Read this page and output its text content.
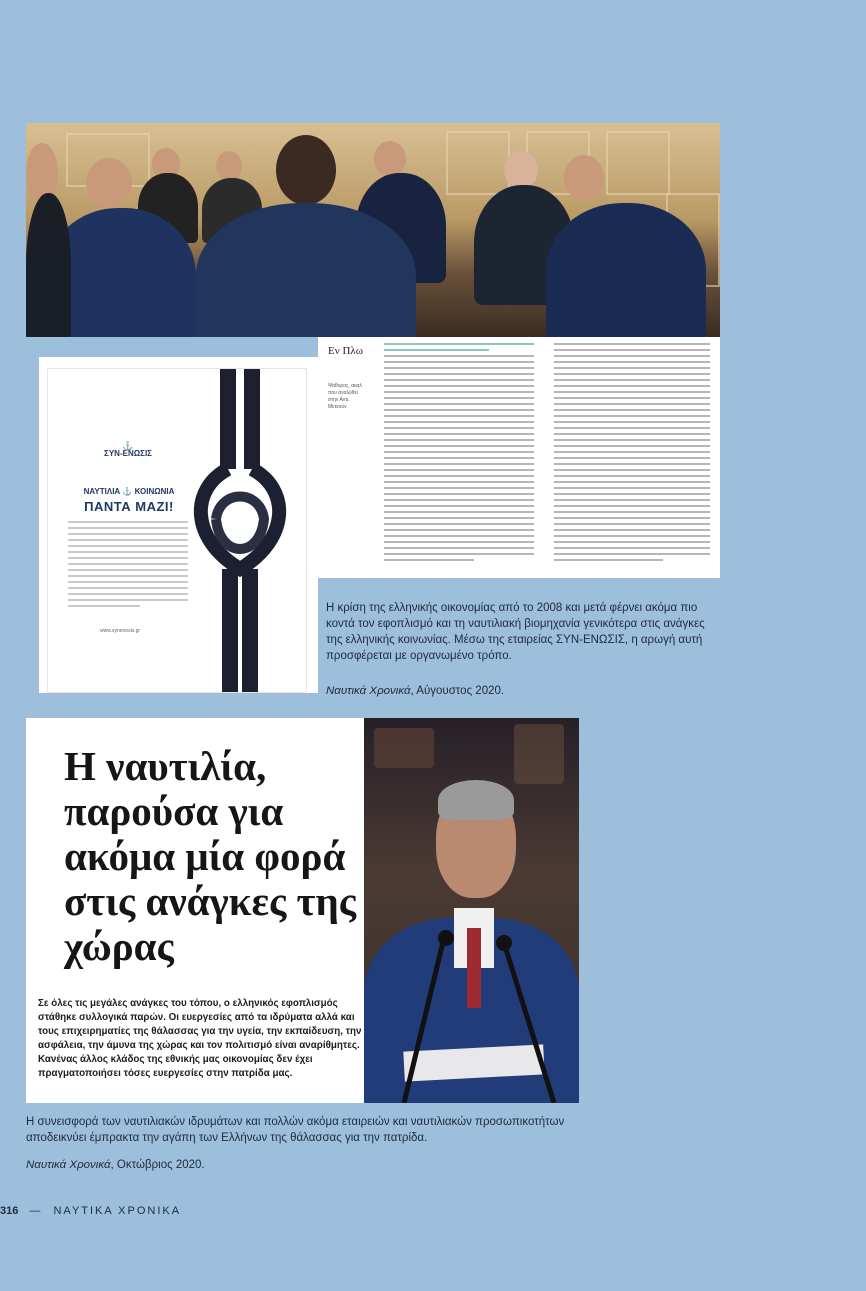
Εν Πλω
Ψάθυρος, ακαλ που αναλύθει στην Αντι. Μετεούν
ΣΥΝ-ΕΝΩΣΙΣ
⚓
ΝΑΥΤΙΛΙΑ ⚓ ΚΟΙΝΩΝΙΑ
ΠΑΝΤΑ ΜΑΖΙ!
www.synenosis.gr
Η κρίση της ελληνικής οικονομίας από το 2008 και μετά φέρνει ακόμα πιο κοντά τον εφοπλισμό και τη ναυτιλιακή βιομηχανία γενικότερα στις ανάγκες της ελληνικής κοινωνίας. Μέσω της εταιρείας ΣΥΝ-ΕΝΩΣΙΣ, η αρωγή αυτή προσφέρεται με οργανωμένο τρόπο.
Ναυτικά Χρονικά, Αύγουστος 2020.
Η ναυτιλία, παρούσα για ακόμα μία φορά στις ανάγκες της χώρας
Σε όλες τις μεγάλες ανάγκες του τόπου, ο ελληνικός εφοπλισμός στάθηκε συλλογικά παρών. Οι ευεργεσίες από τα ιδρύματα αλλά και τους επιχειρηματίες της θάλασσας για την υγεία, την εκπαίδευση, την ασφάλεια, την άμυνα της χώρας και τον πολιτισμό είναι αναρίθμητες. Κανένας άλλος κλάδος της εθνικής μας οικονομίας δεν έχει πραγματοποιήσει τόσες ευεργεσίες στην πατρίδα μας.
Η συνεισφορά των ναυτιλιακών ιδρυμάτων και πολλών ακόμα εταιρειών και ναυτιλιακών προσωπικοτήτων αποδεικνύει έμπρακτα την αγάπη των Ελλήνων της θάλασσας για την πατρίδα.
Ναυτικά Χρονικά, Οκτώβριος 2020.
316 — ΝΑΥΤΙΚΑ ΧΡΟΝΙΚΑ
